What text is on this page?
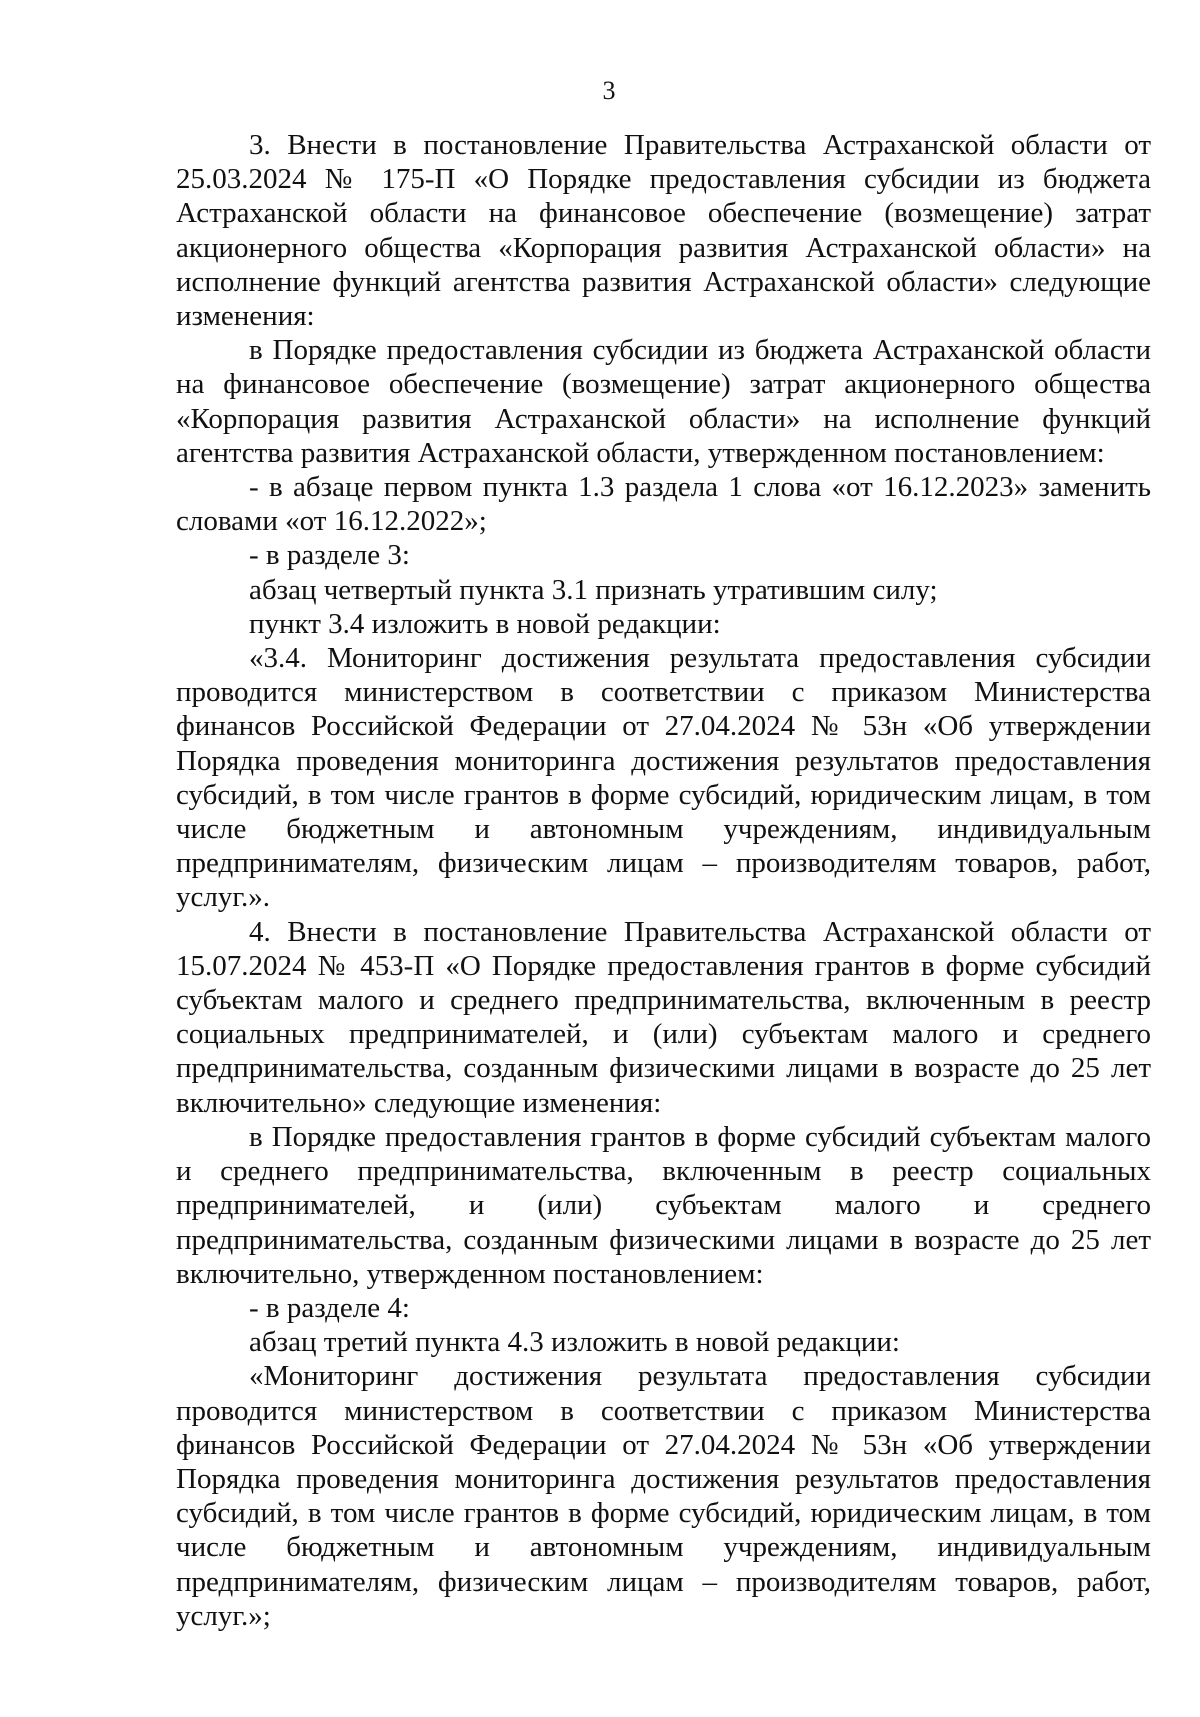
3

3. Внести в постановление Правительства Астраханской области от 25.03.2024 № 175-П «О Порядке предоставления субсидии из бюджета Астраханской области на финансовое обеспечение (возмещение) затрат акционерного общества «Корпорация развития Астраханской области» на исполнение функций агентства развития Астраханской области» следующие изменения:

в Порядке предоставления субсидии из бюджета Астраханской области на финансовое обеспечение (возмещение) затрат акционерного общества «Корпорация развития Астраханской области» на исполнение функций агентства развития Астраханской области, утвержденном постановлением:

- в абзаце первом пункта 1.3 раздела 1 слова «от 16.12.2023» заменить словами «от 16.12.2022»;

- в разделе 3:

абзац четвертый пункта 3.1 признать утратившим силу;

пункт 3.4 изложить в новой редакции:

«3.4. Мониторинг достижения результата предоставления субсидии проводится министерством в соответствии с приказом Министерства финансов Российской Федерации от 27.04.2024 № 53н «Об утверждении Порядка проведения мониторинга достижения результатов предоставления субсидий, в том числе грантов в форме субсидий, юридическим лицам, в том числе бюджетным и автономным учреждениям, индивидуальным предпринимателям, физическим лицам – производителям товаров, работ, услуг.».

4. Внести в постановление Правительства Астраханской области от 15.07.2024 № 453-П «О Порядке предоставления грантов в форме субсидий субъектам малого и среднего предпринимательства, включенным в реестр социальных предпринимателей, и (или) субъектам малого и среднего предпринимательства, созданным физическими лицами в возрасте до 25 лет включительно» следующие изменения:

в Порядке предоставления грантов в форме субсидий субъектам малого и среднего предпринимательства, включенным в реестр социальных предпринимателей, и (или) субъектам малого и среднего предпринимательства, созданным физическими лицами в возрасте до 25 лет включительно, утвержденном постановлением:

- в разделе 4:

абзац третий пункта 4.3 изложить в новой редакции:

«Мониторинг достижения результата предоставления субсидии проводится министерством в соответствии с приказом Министерства финансов Российской Федерации от 27.04.2024 № 53н «Об утверждении Порядка проведения мониторинга достижения результатов предоставления субсидий, в том числе грантов в форме субсидий, юридическим лицам, в том числе бюджетным и автономным учреждениям, индивидуальным предпринимателям, физическим лицам – производителям товаров, работ, услуг.»;
